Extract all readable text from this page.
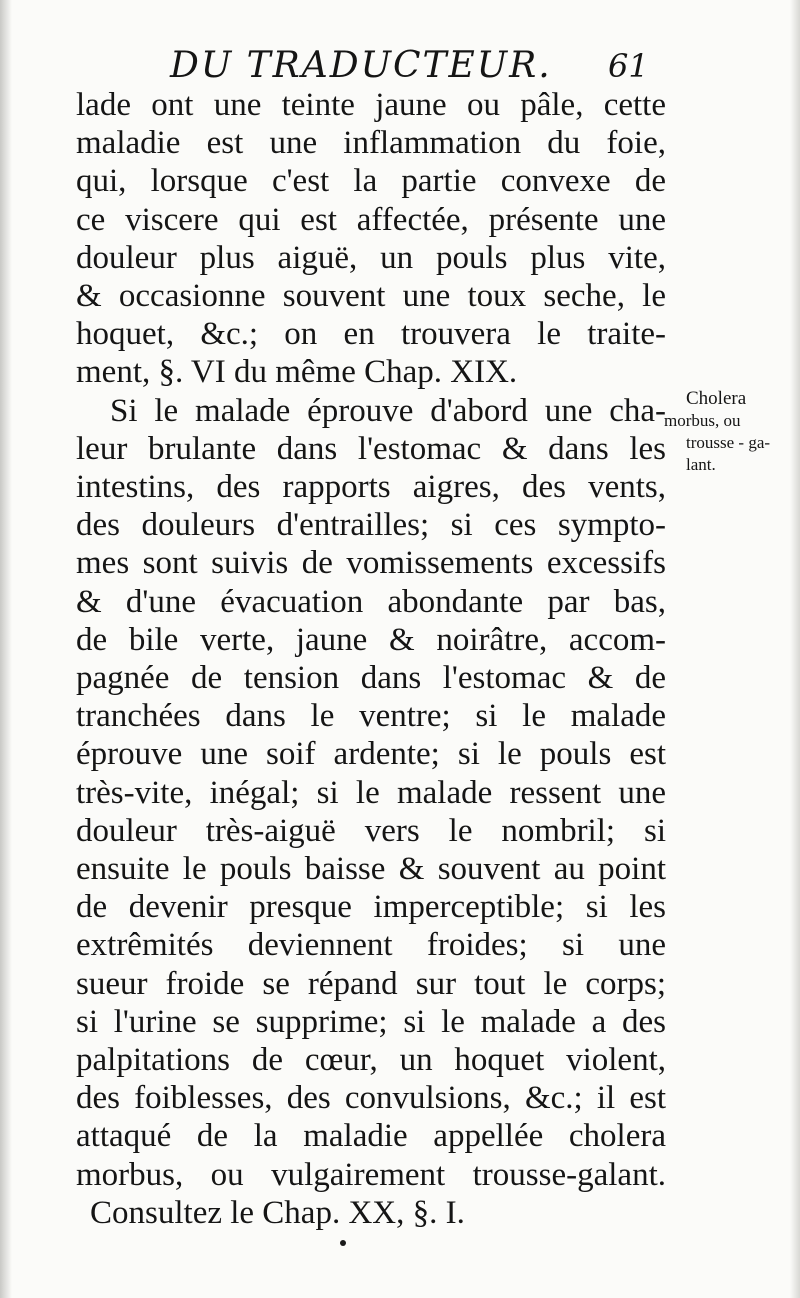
DU TRADUCTEUR. 61
lade ont une teinte jaune ou pâle, cette
maladie est une inflammation du foie,
qui, lorsque c'est la partie convexe de
ce viscere qui est affectée, présente une
douleur plus aiguë, un pouls plus vite,
& occasionne souvent une toux seche, le
hoquet, &c.; on en trouvera le traite-
ment, §. VI du même Chap. XIX.
Si le malade éprouve d'abord une cha-
leur brulante dans l'estomac & dans les
intestins, des rapports aigres, des vents,
des douleurs d'entrailles; si ces sympto-
mes sont suivis de vomissements excessifs
& d'une évacuation abondante par bas,
de bile verte, jaune & noirâtre, accom-
pagnée de tension dans l'estomac & de
tranchées dans le ventre; si le malade
éprouve une soif ardente; si le pouls est
très-vite, inégal; si le malade ressent une
douleur très-aiguë vers le nombril; si
ensuite le pouls baisse & souvent au point
de devenir presque imperceptible; si les
extrêmités deviennent froides; si une
sueur froide se répand sur tout le corps;
si l'urine se supprime; si le malade a des
palpitations de cœur, un hoquet violent,
des foiblesses, des convulsions, &c.; il est
attaqué de la maladie appellée cholera
morbus, ou vulgairement trousse-galant.
Consultez le Chap. XX, §. I.
Cholera
morbus, ou
trousse - ga-
lant.
